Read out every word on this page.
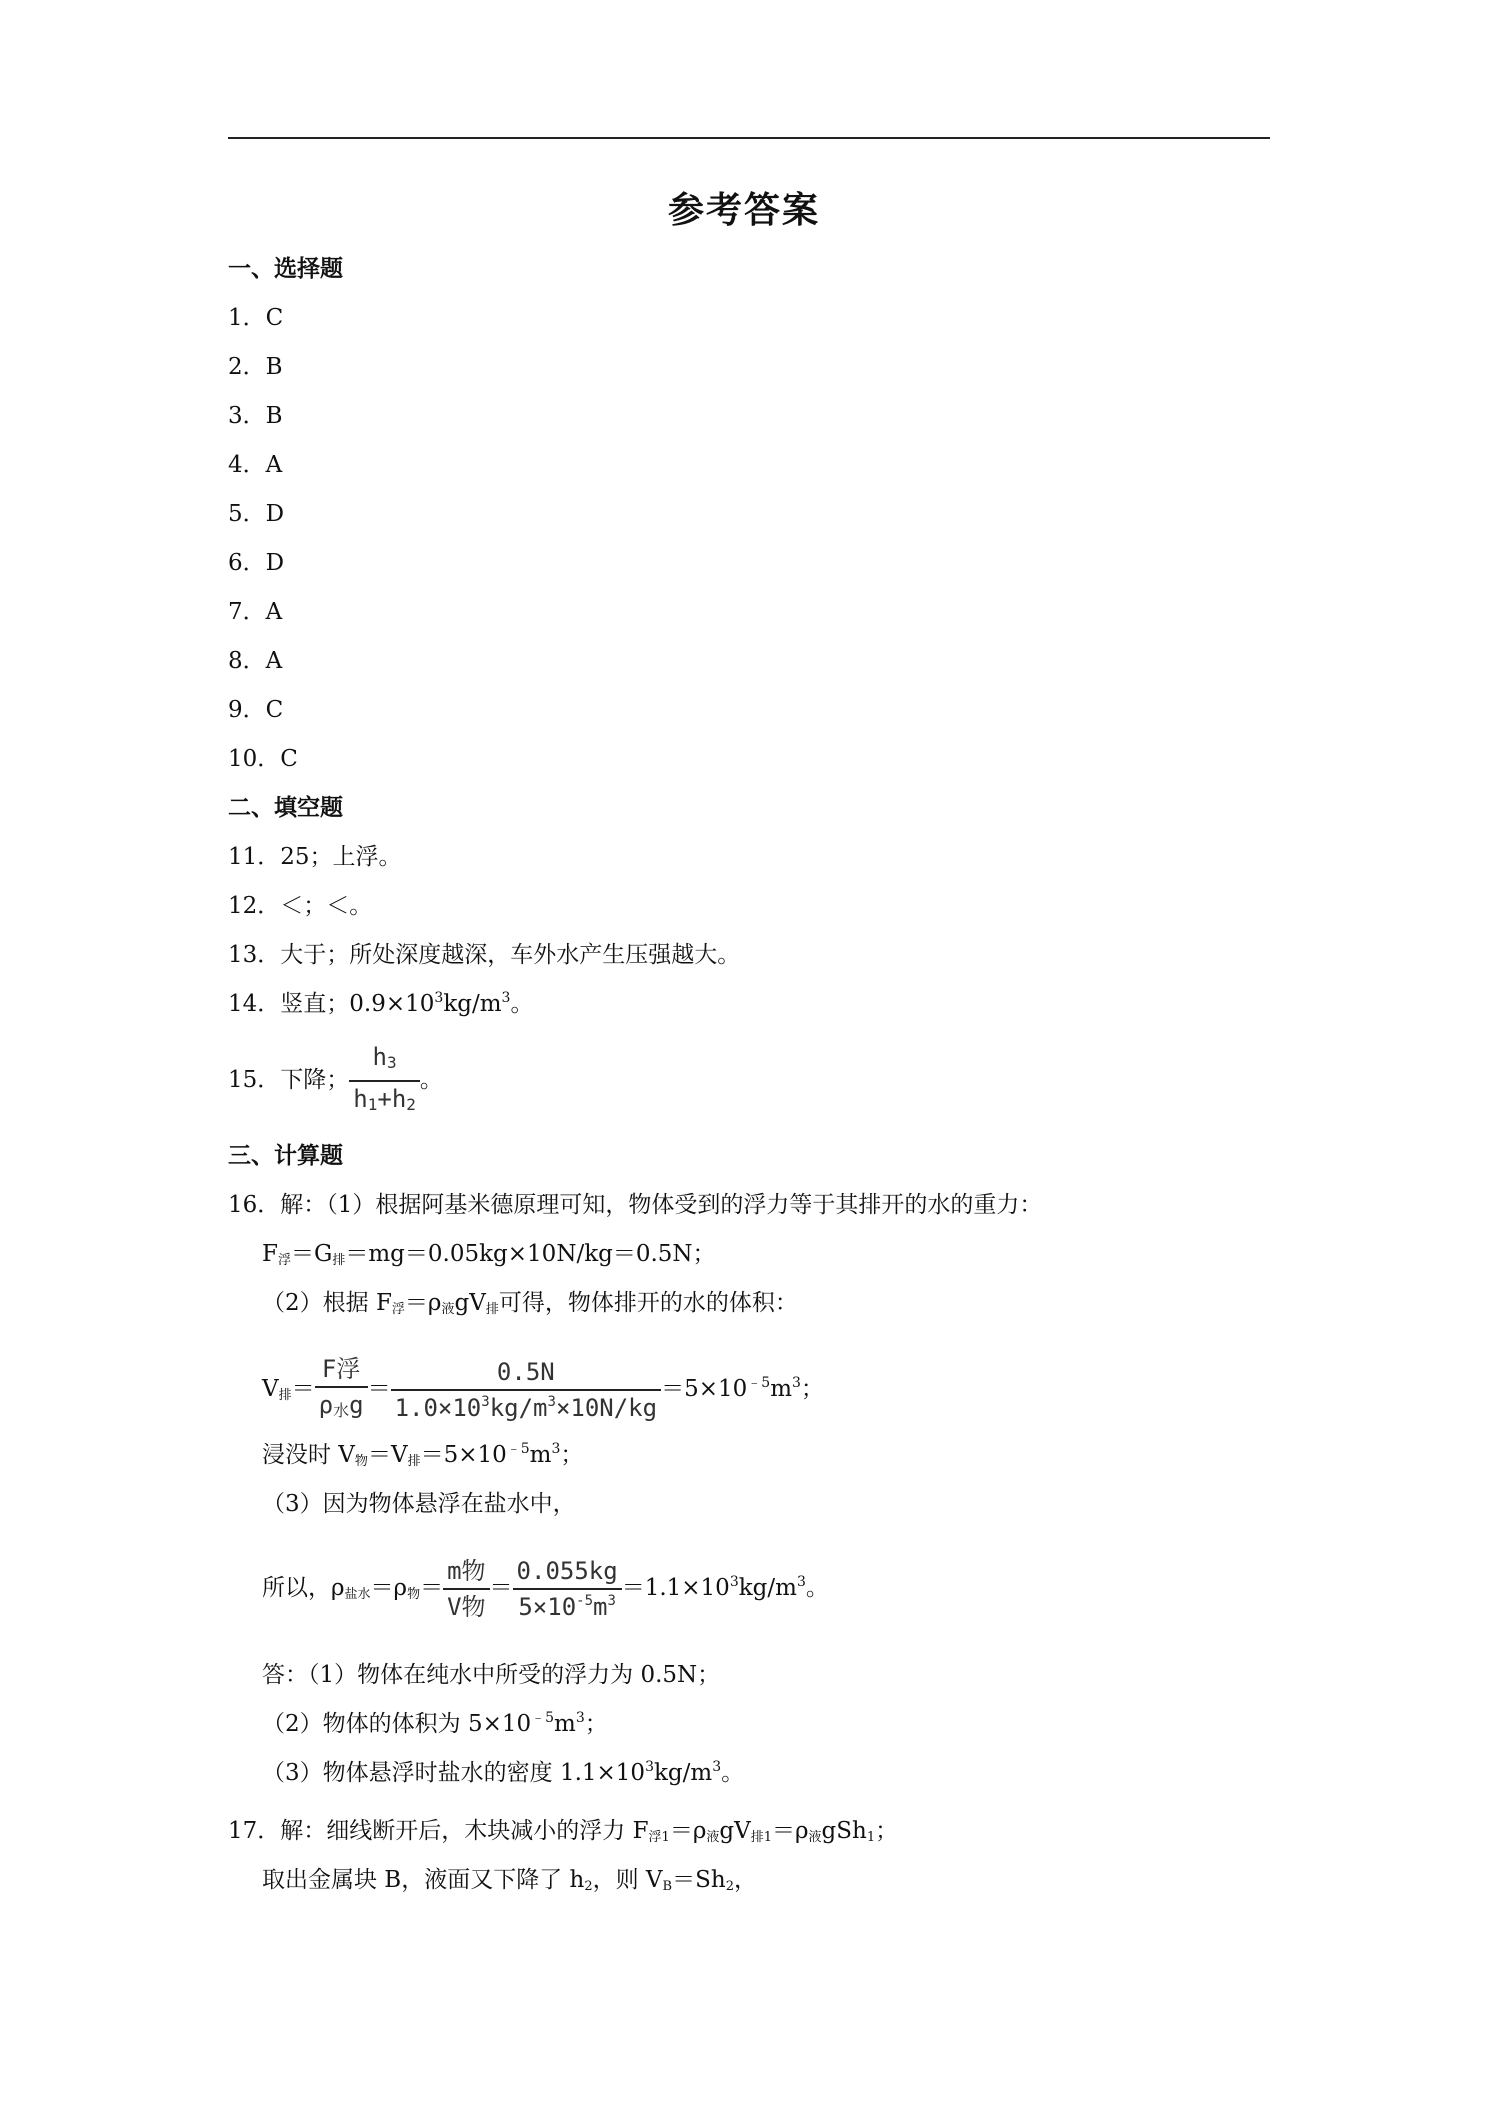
参考答案
一、选择题
1．C
2．B
3．B
4．A
5．D
6．D
7．A
8．A
9．C
10．C
二、填空题
11．25；上浮。
12．＜；＜。
13．大于；所处深度越深，车外水产生压强越大。
14．竖直；$0.9\times 10^3kg/m^3$。
15．下降； $\frac{h3}{h1+h2}$ 。
三、计算题
16．解：（1）根据阿基米德原理可知，物体受到的浮力等于其排开的水的重力：
$F_浮=G_排=mg=0.05kg\times 10N/kg=0.5N$；
（2）根据 $F_浮=\rho_液gV_排$可得，物体排开的水的体积：
$V_排= \frac{\text{F浮}}{\text{ρ水g}} = \frac{0.5N}{1.0\times 10^3kg/m^3\times 10N/kg} =5\times 10^{﹣5}m^3$；
浸没时 $V_物=V_排=5\times 10^{﹣5}m^3$；
（3）因为物体悬浮在盐水中，
所以，$\rho_{盐水}=\rho_物= \frac{\text{m物}}{\text{V物}} = \frac{0.055kg}{5\times 10^{-5}m^3} =1.1\times 10^3kg/m^3$。
答：（1）物体在纯水中所受的浮力为 0.5N；
（2）物体的体积为 $5\times 10^{﹣5}m^3$；
（3）物体悬浮时盐水的密度 $1.1\times 10^3kg/m^3$。
17．解：细线断开后，木块减小的浮力 $F_{浮1}=\rho_液gV_{排1}=\rho_液gSh_1$；
取出金属块 B，液面又下降了 $h_2$，则 $V_B=Sh_2$，
